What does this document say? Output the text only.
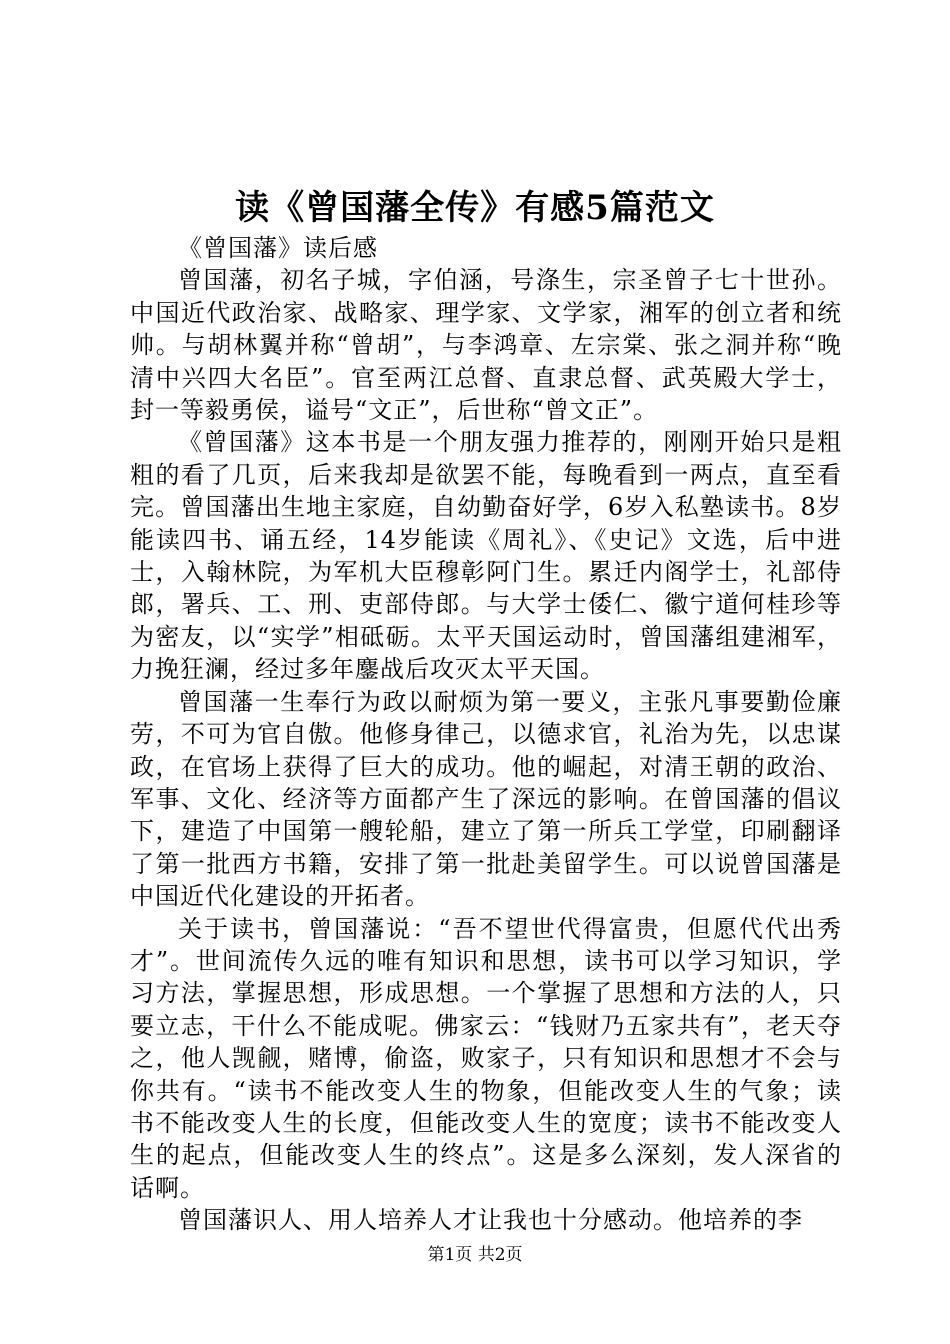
读《曾国藩全传》有感5篇范文

《曾国藩》读后感

曾国藩，初名子城，字伯涵，号涤生，宗圣曾子七十世孙。中国近代政治家、战略家、理学家、文学家，湘军的创立者和统帅。与胡林翼并称“曾胡”，与李鸿章、左宗棠、张之洞并称“晚清中兴四大名臣”。官至两江总督、直隶总督、武英殿大学士，封一等毅勇侯，谥号“文正”，后世称“曾文正”。

《曾国藩》这本书是一个朋友强力推荐的，刚刚开始只是粗粗的看了几页，后来我却是欲罢不能，每晚看到一两点，直至看完。曾国藩出生地主家庭，自幼勤奋好学，6岁入私塾读书。8岁能读四书、诵五经，14岁能读《周礼》、《史记》文选，后中进士，入翰林院，为军机大臣穆彰阿门生。累迁内阁学士，礼部侍郎，署兵、工、刑、吏部侍郎。与大学士倭仁、徽宁道何桂珍等为密友，以“实学”相砥砺。太平天国运动时，曾国藩组建湘军，力挽狂澜，经过多年鏖战后攻灭太平天国。

曾国藩一生奉行为政以耐烦为第一要义，主张凡事要勤俭廉劳，不可为官自傲。他修身律己，以德求官，礼治为先，以忠谋政，在官场上获得了巨大的成功。他的崛起，对清王朝的政治、军事、文化、经济等方面都产生了深远的影响。在曾国藩的倡议下，建造了中国第一艘轮船，建立了第一所兵工学堂，印刷翻译了第一批西方书籍，安排了第一批赴美留学生。可以说曾国藩是中国近代化建设的开拓者。

关于读书，曾国藩说：“吾不望世代得富贵，但愿代代出秀才”。世间流传久远的唯有知识和思想，读书可以学习知识，学习方法，掌握思想，形成思想。一个掌握了思想和方法的人，只要立志，干什么不能成呢。佛家云：“钱财乃五家共有”，老天夺之，他人觊觎，赌博，偷盗，败家子，只有知识和思想才不会与你共有。“读书不能改变人生的物象，但能改变人生的气象；读书不能改变人生的长度，但能改变人生的宽度；读书不能改变人生的起点，但能改变人生的终点”。这是多么深刻，发人深省的话啊。

曾国藩识人、用人培养人才让我也十分感动。他培养的李

第1页 共2页
